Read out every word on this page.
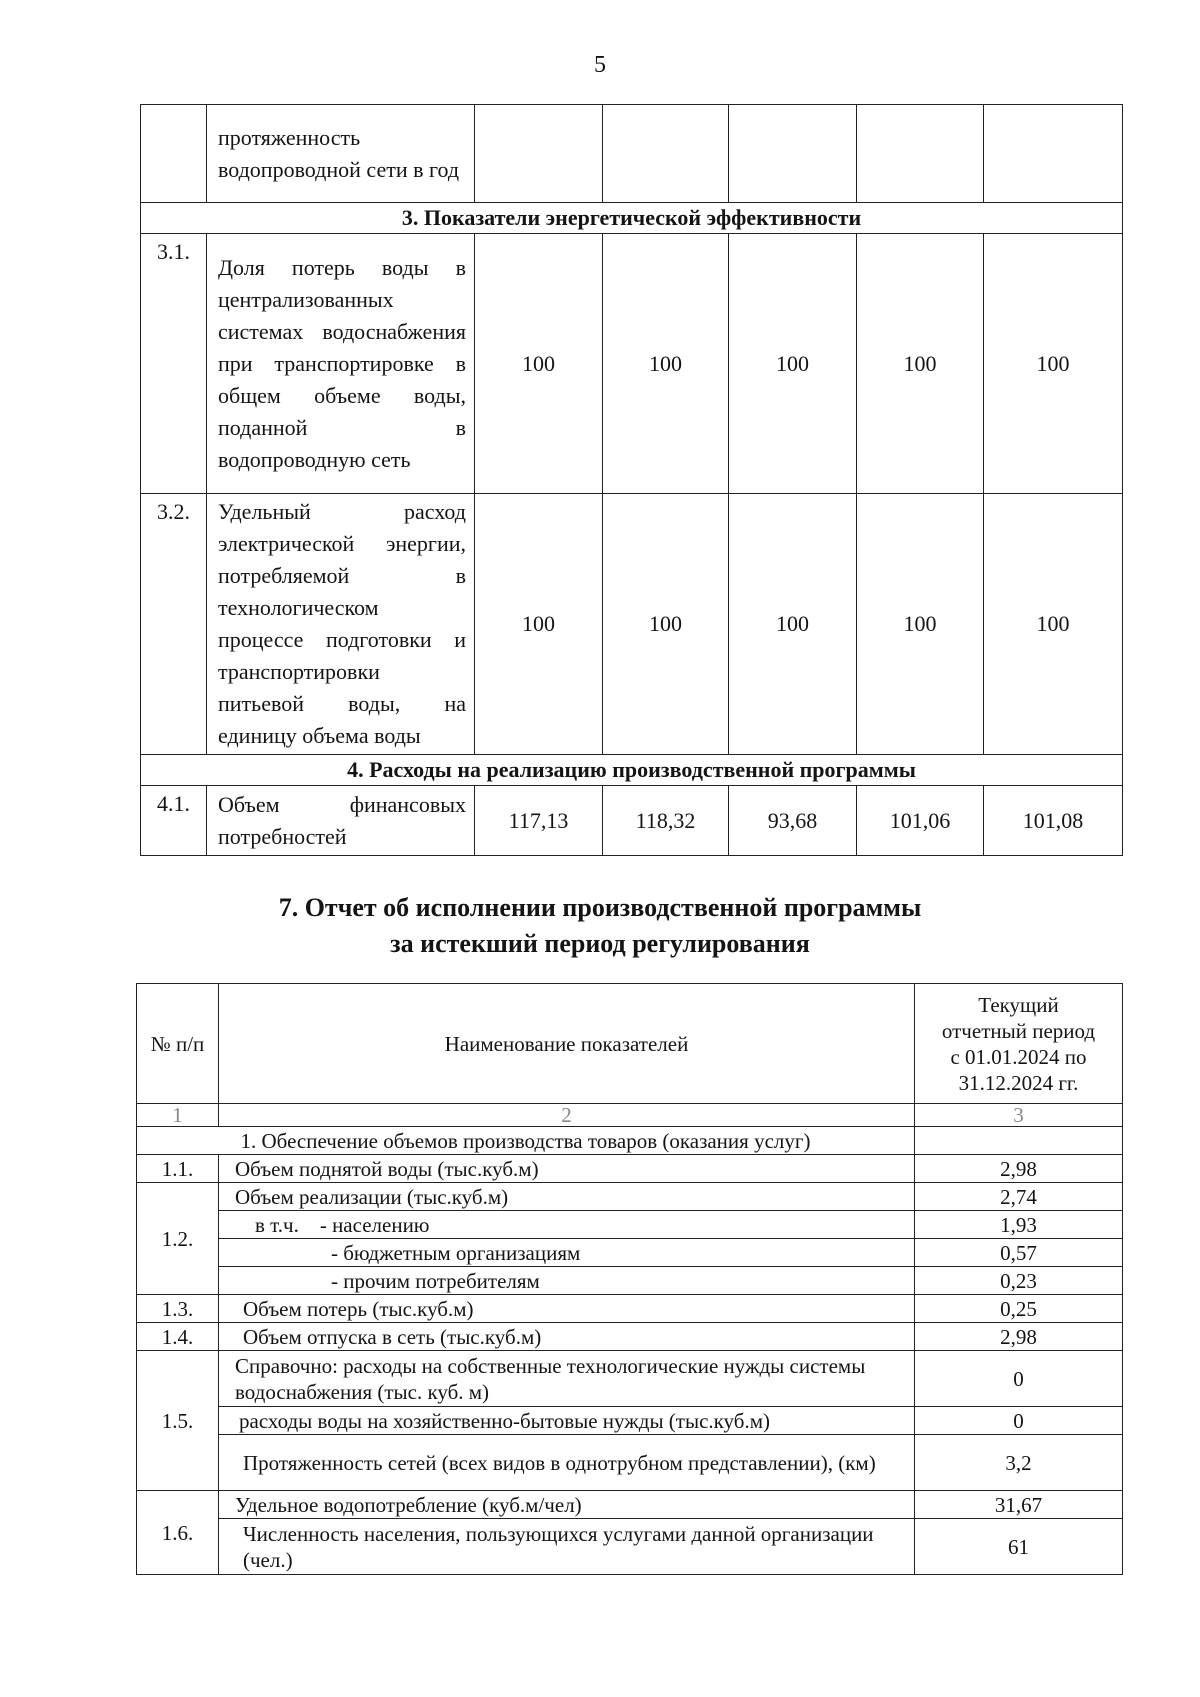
5
	протяженность водопроводной сети в год					
3. Показатели энергетической эффективности						
3.1.	Доля потерь воды в централизованных системах водоснабжения при транспортировке в общем объеме воды, поданной в водопроводную сеть	100	100	100	100	100
3.2.	Удельный расход электрической энергии, потребляемой в технологическом процессе подготовки и транспортировки питьевой воды, на единицу объема воды	100	100	100	100	100
4. Расходы на реализацию производственной программы						
4.1.	Объем финансовых потребностей	117,13	118,32	93,68	101,06	101,08
7. Отчет об исполнении производственной программы
за истекший период регулирования
№ п/п	Наименование показателей	Текущий
отчетный период
с 01.01.2024 по
31.12.2024 гг.

1	2	3
1. Обеспечение объемов производства товаров (оказания услуг)		
1.1.	Объем поднятой воды (тыс.куб.м)	2,98
1.2.	Объем реализации (тыс.куб.м)	2,74
	в т.ч.    - населению	1,93
	- бюджетным организациям	0,57
	- прочим потребителям	0,23
1.3.	Объем потерь (тыс.куб.м)	0,25
1.4.	Объем отпуска в сеть (тыс.куб.м)	2,98
1.5.	Справочно: расходы на собственные технологические нужды системы водоснабжения (тыс. куб. м)	0
	расходы воды на хозяйственно-бытовые нужды (тыс.куб.м)	0
	Протяженность сетей (всех видов в однотрубном представлении), (км)	3,2
1.6.	Удельное водопотребление (куб.м/чел)	31,67
	Численность населения, пользующихся услугами данной организации (чел.)	61
